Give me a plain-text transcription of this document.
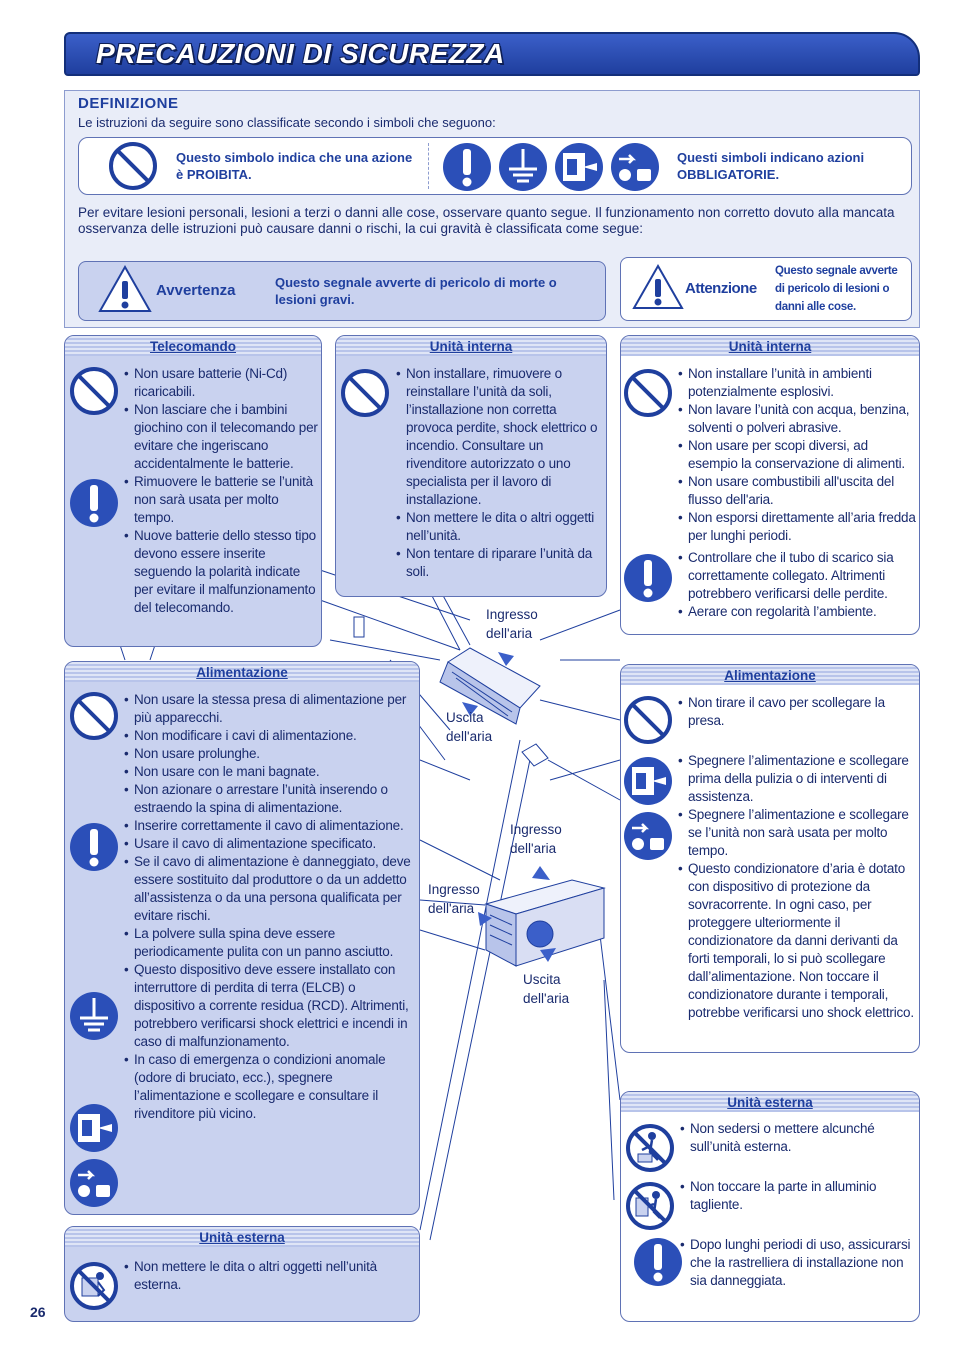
PRECAUZIONI DI SICUREZZA
DEFINIZIONE
Le istruzioni da seguire sono classificate secondo i simboli che seguono:
Questo simbolo indica che una azione è PROIBITA.
Questi simboli indicano azioni OBBLIGATORIE.
Per evitare lesioni personali, lesioni a terzi o danni alle cose, osservare quanto segue. Il funzionamento non corretto dovuto alla mancata osservanza delle istruzioni può causare danni o rischi, la cui gravità è classificata come segue:
Avvertenza	Questo segnale avverte di pericolo di morte o lesioni gravi.
Attenzione
Questo segnale avverte di pericolo di lesioni o danni alle cose.
Telecomando
• Non usare batterie (Ni-Cd) ricaricabili.
• Non lasciare che i bambini giochino con il telecomando per evitare che ingeriscano accidentalmente le batterie.
• Rimuovere le batterie se l’unità non sarà usata per molto tempo.
• Nuove batterie dello stesso tipo devono essere inserite seguendo la polarità indicate per evitare il malfunzionamento del telecomando.
Unità interna
• Non installare, rimuovere o reinstallare l’unità da soli, l’installazione non corretta provoca perdite, shock elettrico o incendio. Consultare un rivenditore autorizzato o uno specialista per il lavoro di installazione.
• Non mettere le dita o altri oggetti nell’unità.
• Non tentare di riparare l’unità da soli.
Unità interna
• Non installare l’unità in ambienti potenzialmente esplosivi.
• Non lavare l’unità con acqua, benzina, solventi o polveri abrasive.
• Non usare per scopi diversi, ad esempio la conservazione di alimenti.
• Non usare combustibili all'uscita del flusso dell'aria.
• Non esporsi direttamente all’aria fredda per lunghi periodi.
• Controllare che il tubo di scarico sia correttamente collegato. Altrimenti potrebbero verificarsi delle perdite.
• Aerare con regolarità l’ambiente.
Alimentazione
• Non usare la stessa presa di alimentazione per più apparecchi.
• Non modificare i cavi di alimentazione.
• Non usare prolunghe.
• Non usare con le mani bagnate.
• Non azionare o arrestare l’unità inserendo o estraendo la spina di alimentazione.
• Inserire correttamente il cavo di alimentazione.
• Usare il cavo di alimentazione specificato.
• Se il cavo di alimentazione è danneggiato, deve essere sostituito dal produttore o da un addetto all’assistenza o da una persona qualificata per evitare rischi.
• La polvere sulla spina deve essere periodicamente pulita con un panno asciutto.
• Questo dispositivo deve essere installato con interruttore di perdita di terra (ELCB) o dispositivo a corrente residua (RCD). Altrimenti, potrebbero verificarsi shock elettrici e incendi in caso di malfunzionamento.
• In caso di emergenza o condizioni anomale (odore di bruciato, ecc.), spegnere l’alimentazione e scollegare e consultare il rivenditore più vicino.
Unità esterna
• Non mettere le dita o altri oggetti nell’unità esterna.
Alimentazione
• Non tirare il cavo per scollegare la presa.
• Spegnere l’alimentazione e scollegare prima della pulizia o di interventi di assistenza.
• Spegnere l’alimentazione e scollegare se l’unità non sarà usata per molto tempo.
• Questo condizionatore d’aria è dotato con dispositivo di protezione da sovracorrente. In ogni caso, per proteggere ulteriormente il condizionatore da danni derivanti da forti temporali, lo si può scollegare dall’alimentazione. Non toccare il condizionatore durante i temporali, potrebbe verificarsi uno shock elettrico.
Unità esterna
• Non sedersi o mettere alcunché sull’unità esterna.
• Non toccare la parte in alluminio tagliente.
• Dopo lunghi periodi di uso, assicurarsi che la rastrelliera di installazione non sia danneggiata.
Ingresso dell'aria
Uscita dell'aria
Ingresso dell'aria
Ingresso dell'aria
Uscita dell'aria
26
